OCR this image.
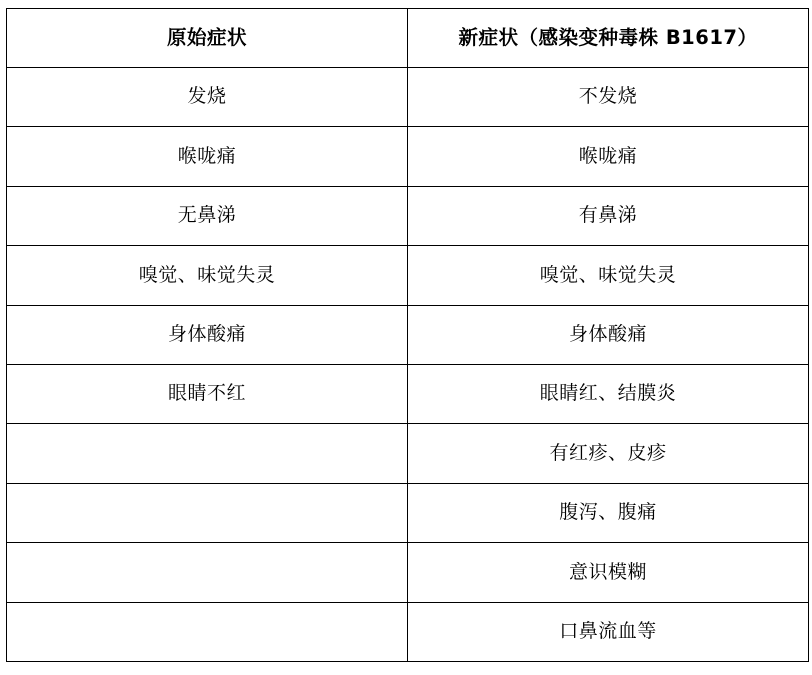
原始症状	新症状（感染变种毒株 B1617）
发烧	不发烧
喉咙痛	喉咙痛
无鼻涕	有鼻涕
嗅觉、味觉失灵	嗅觉、味觉失灵
身体酸痛	身体酸痛
眼睛不红	眼睛红、结膜炎
	有红疹、皮疹
	腹泻、腹痛
	意识模糊
	口鼻流血等
